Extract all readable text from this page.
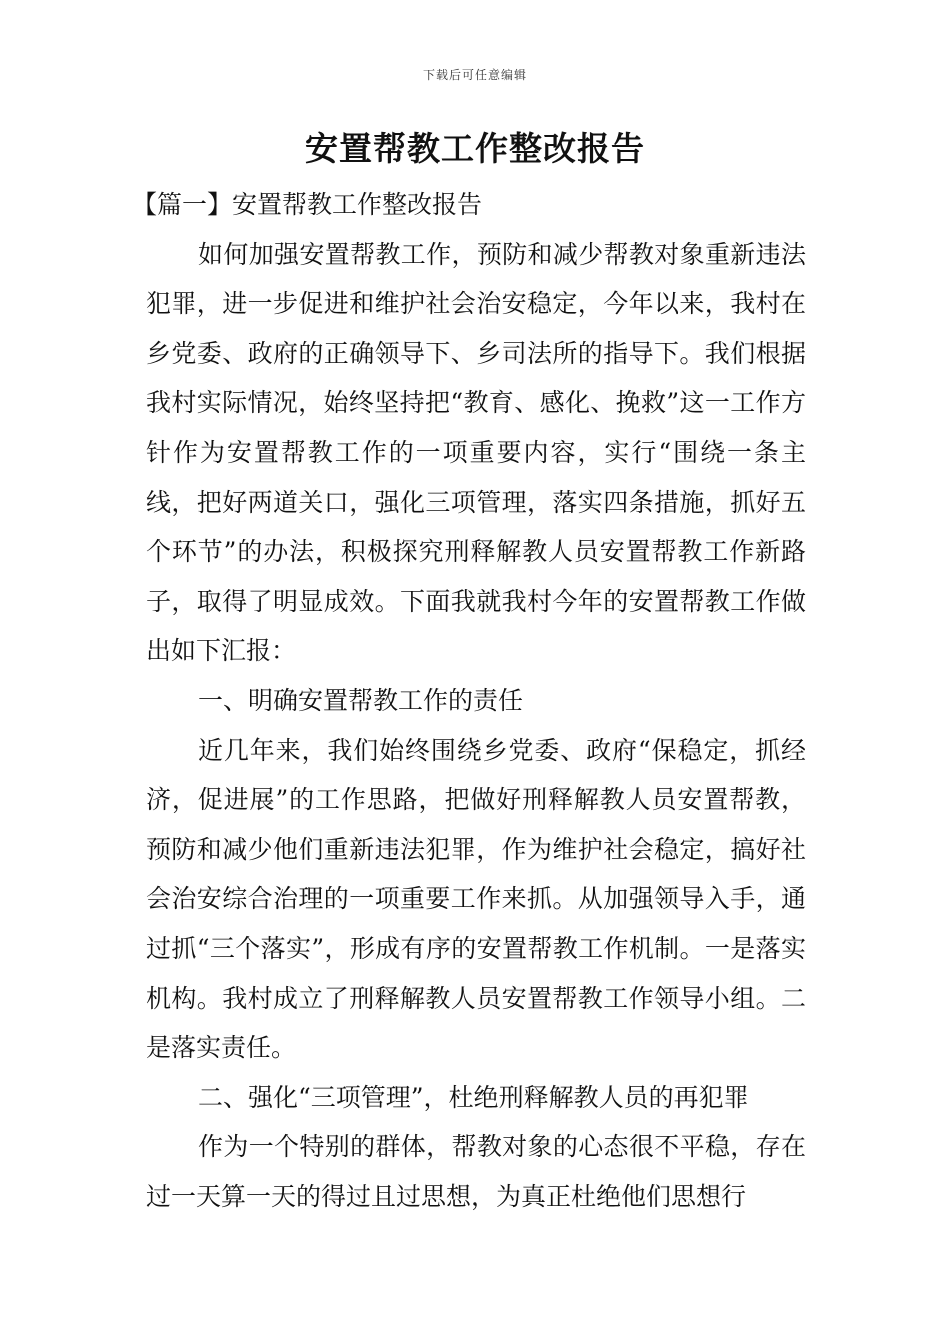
下载后可任意编辑
安置帮教工作整改报告

【篇一】安置帮教工作整改报告

如何加强安置帮教工作，预防和减少帮教对象重新违法犯罪，进一步促进和维护社会治安稳定，今年以来，我村在乡党委、政府的正确领导下、乡司法所的指导下。我们根据我村实际情况，始终坚持把“教育、感化、挽救”这一工作方针作为安置帮教工作的一项重要内容，实行“围绕一条主线，把好两道关口，强化三项管理，落实四条措施，抓好五个环节”的办法，积极探究刑释解教人员安置帮教工作新路子，取得了明显成效。下面我就我村今年的安置帮教工作做出如下汇报：

一、明确安置帮教工作的责任

近几年来，我们始终围绕乡党委、政府“保稳定，抓经济，促进展”的工作思路，把做好刑释解教人员安置帮教，预防和减少他们重新违法犯罪，作为维护社会稳定，搞好社会治安综合治理的一项重要工作来抓。从加强领导入手，通过抓“三个落实”，形成有序的安置帮教工作机制。一是落实机构。我村成立了刑释解教人员安置帮教工作领导小组。二是落实责任。

二、强化“三项管理”，杜绝刑释解教人员的再犯罪

作为一个特别的群体，帮教对象的心态很不平稳，存在过一天算一天的得过且过思想，为真正杜绝他们思想行
